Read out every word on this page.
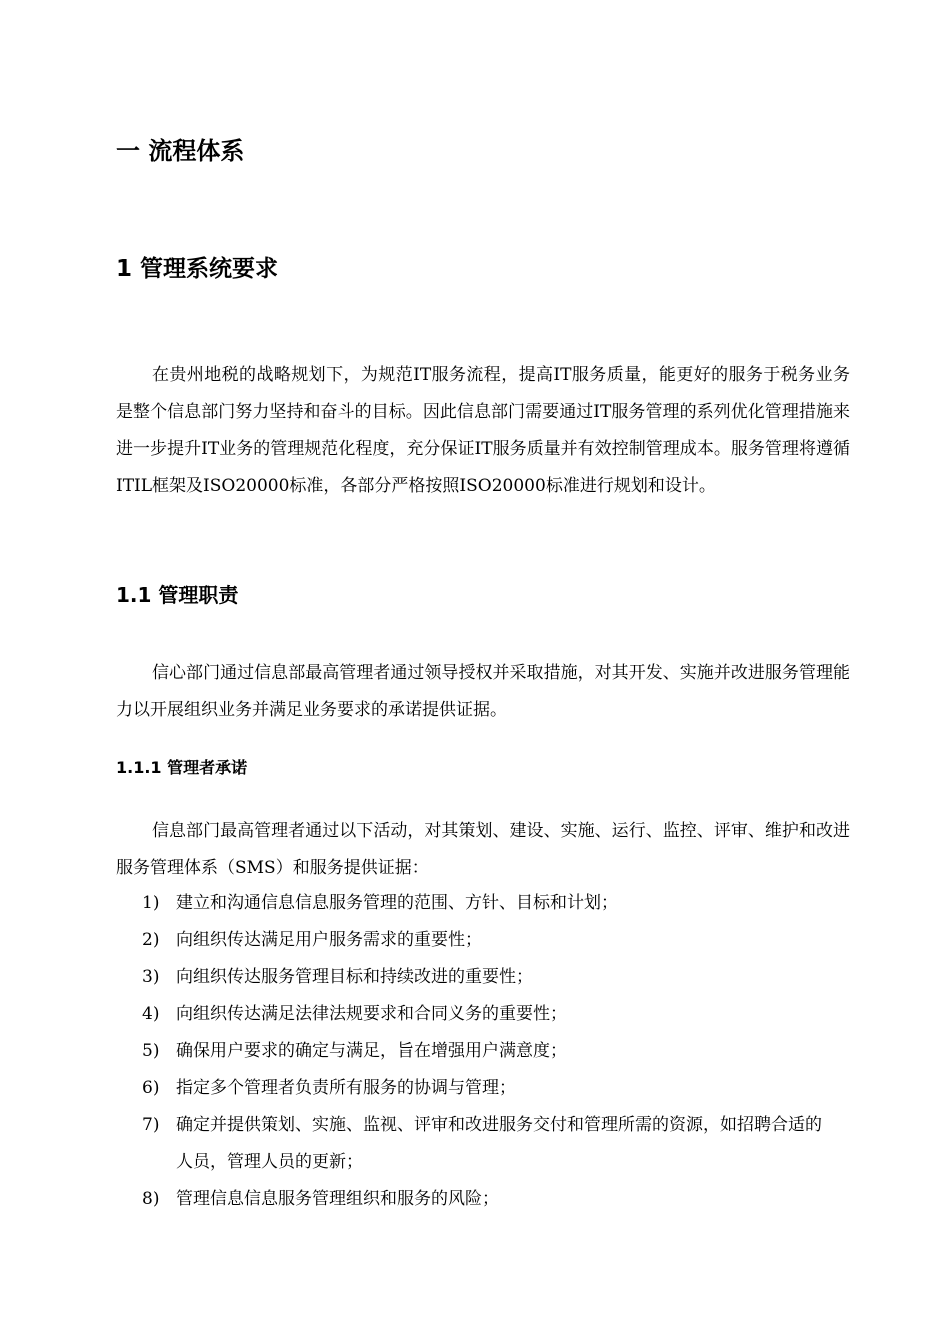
一 流程体系
1 管理系统要求

在贵州地税的战略规划下，为规范IT服务流程，提高IT服务质量，能更好的服务于税务业务是整个信息部门努力坚持和奋斗的目标。因此信息部门需要通过IT服务管理的系列优化管理措施来进一步提升IT业务的管理规范化程度，充分保证IT服务质量并有效控制管理成本。服务管理将遵循ITIL框架及ISO20000标准，各部分严格按照ISO20000标准进行规划和设计。

1.1 管理职责

信心部门通过信息部最高管理者通过领导授权并采取措施，对其开发、实施并改进服务管理能力以开展组织业务并满足业务要求的承诺提供证据。

1.1.1 管理者承诺

信息部门最高管理者通过以下活动，对其策划、建设、实施、运行、监控、评审、维护和改进服务管理体系（SMS）和服务提供证据：

1) 建立和沟通信息信息服务管理的范围、方针、目标和计划；
2) 向组织传达满足用户服务需求的重要性；
3) 向组织传达服务管理目标和持续改进的重要性；
4) 向组织传达满足法律法规要求和合同义务的重要性；
5) 确保用户要求的确定与满足，旨在增强用户满意度；
6) 指定多个管理者负责所有服务的协调与管理；
7) 确定并提供策划、实施、监视、评审和改进服务交付和管理所需的资源，如招聘合适的人员，管理人员的更新；
8) 管理信息信息服务管理组织和服务的风险；
